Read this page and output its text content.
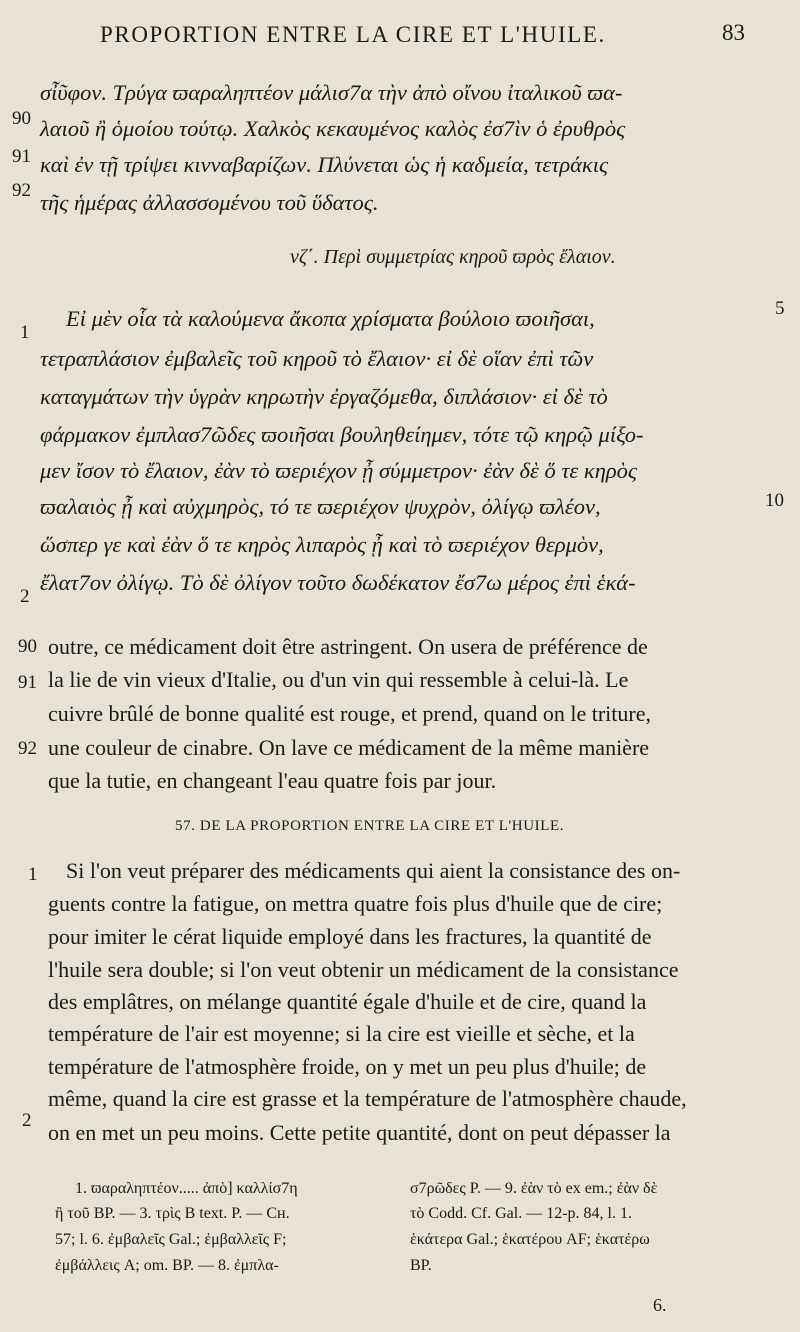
PROPORTION ENTRE LA CIRE ET L'HUILE.	83
90
91
92
σἶῦφον. Τρύγα ϖαραληπτέον μάλισ7α τὴν ἀπὸ οἴνου ἰταλικοῦ ϖα-
λαιοῦ ἢ ὁμοίου τούτῳ. Χαλκὸς κεκαυμένος καλὸς ἐσ7ὶν ὁ ἐρυθρὸς
καὶ ἐν τῇ τρίψει κινναβαρίζων. Πλύνεται ὡς ἡ καδμεία, τετράκις
τῆς ἡμέρας ἀλλασσομένου τοῦ ὕδατος.
νζ΄. Περὶ συμμετρίας κηροῦ ϖρὸς ἔλαιον.
1
5
10
2
Εἰ μὲν οἷα τὰ καλούμενα ἄκοπα χρίσματα βούλοιο ϖοιῆσαι,
τετραπλάσιον ἐμβαλεῖς τοῦ κηροῦ τὸ ἔλαιον· εἰ δὲ οἵαν ἐπὶ τῶν
καταγμάτων τὴν ὑγρὰν κηρωτὴν ἐργαζόμεθα, διπλάσιον· εἰ δὲ τὸ
φάρμακον ἐμπλασ7ῶδες ϖοιῆσαι βουληθείημεν, τότε τῷ κηρῷ μίξο-
μεν ἴσον τὸ ἔλαιον, ἐὰν τὸ ϖεριέχον ᾖ σύμμετρον· ἐὰν δὲ ὅ τε κηρὸς
ϖαλαιὸς ᾖ καὶ αὐχμηρὸς, τό τε ϖεριέχον ψυχρὸν, ὀλίγῳ ϖλέον,
ὥσπερ γε καὶ ἐὰν ὅ τε κηρὸς λιπαρὸς ᾖ καὶ τὸ ϖεριέχον θερμὸν,
ἔλατ7ον ὀλίγῳ. Τὸ δὲ ὀλίγον τοῦτο δωδέκατον ἔσ7ω μέρος ἐπὶ ἑκά-
90
91
92
outre, ce médicament doit être astringent. On usera de préférence de
la lie de vin vieux d'Italie, ou d'un vin qui ressemble à celui-là. Le
cuivre brûlé de bonne qualité est rouge, et prend, quand on le triture,
une couleur de cinabre. On lave ce médicament de la même manière
que la tutie, en changeant l'eau quatre fois par jour.
57. DE LA PROPORTION ENTRE LA CIRE ET L'HUILE.
1
2
Si l'on veut préparer des médicaments qui aient la consistance des on-
guents contre la fatigue, on mettra quatre fois plus d'huile que de cire;
pour imiter le cérat liquide employé dans les fractures, la quantité de
l'huile sera double; si l'on veut obtenir un médicament de la consistance
des emplâtres, on mélange quantité égale d'huile et de cire, quand la
température de l'air est moyenne; si la cire est vieille et sèche, et la
température de l'atmosphère froide, on y met un peu plus d'huile; de
même, quand la cire est grasse et la température de l'atmosphère chaude,
on en met un peu moins. Cette petite quantité, dont on peut dépasser la
1. ϖαραληπτέον..... ἀπὸ] καλλίσ7η
ἢ τοῦ BP. — 3. τρὶς B text. P. — Cн.
57; l. 6. ἐμβαλεῖς Gal.; ἐμβαλλεῖς F;
ἐμβάλλεις A; om. BP. — 8. ἐμπλα-
σ7ρῶδες P. — 9. ἐὰν τὸ ex em.; ἐὰν δὲ
τὸ Codd. Cf. Gal. — 12-p. 84, l. 1.
ἑκάτερα Gal.; ἑκατέρου AF; ἑκατέρω
BP.
6.
